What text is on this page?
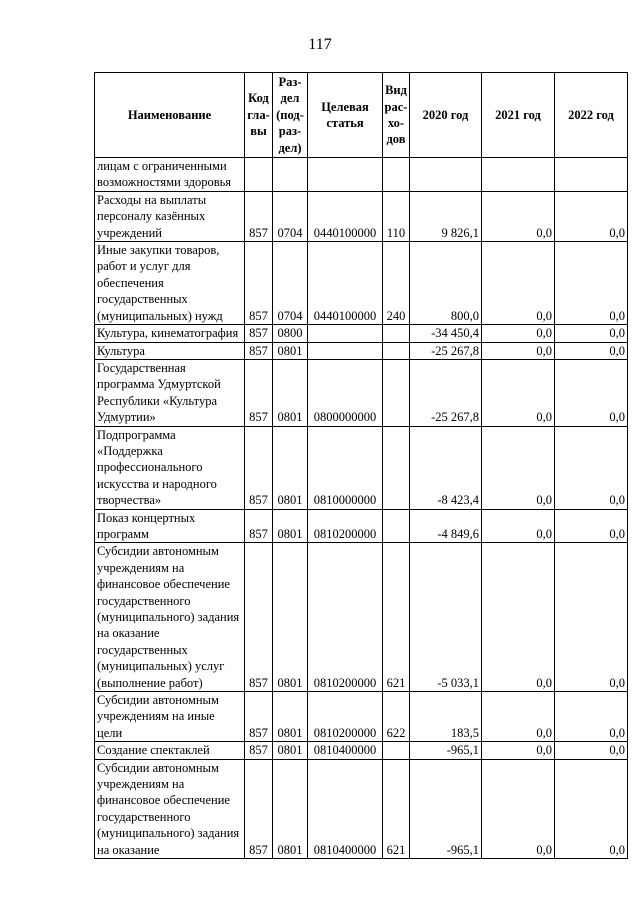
117
Наименование	Код гла- вы	Раз- дел (под- раз- дел)	Целевая статья	Вид рас- хо- дов	2020 год	2021 год	2022 год
лицам с ограниченными возможностями здоровья							
Расходы на выплаты персоналу казённых учреждений	857	0704	0440100000	110	9 826,1	0,0	0,0
Иные закупки товаров, работ и услуг для обеспечения государственных (муниципальных) нужд	857	0704	0440100000	240	800,0	0,0	0,0
Культура, кинематография	857	0800			-34 450,4	0,0	0,0
Культура	857	0801			-25 267,8	0,0	0,0
Государственная программа Удмуртской Республики «Культура Удмуртии»	857	0801	0800000000		-25 267,8	0,0	0,0
Подпрограмма «Поддержка профессионального искусства и народного творчества»	857	0801	0810000000		-8 423,4	0,0	0,0
Показ концертных программ	857	0801	0810200000		-4 849,6	0,0	0,0
Субсидии автономным учреждениям на финансовое обеспечение государственного (муниципального) задания на оказание государственных (муниципальных) услуг (выполнение работ)	857	0801	0810200000	621	-5 033,1	0,0	0,0
Субсидии автономным учреждениям на иные цели	857	0801	0810200000	622	183,5	0,0	0,0
Создание спектаклей	857	0801	0810400000		-965,1	0,0	0,0
Субсидии автономным учреждениям на финансовое обеспечение государственного (муниципального) задания на оказание	857	0801	0810400000	621	-965,1	0,0	0,0
